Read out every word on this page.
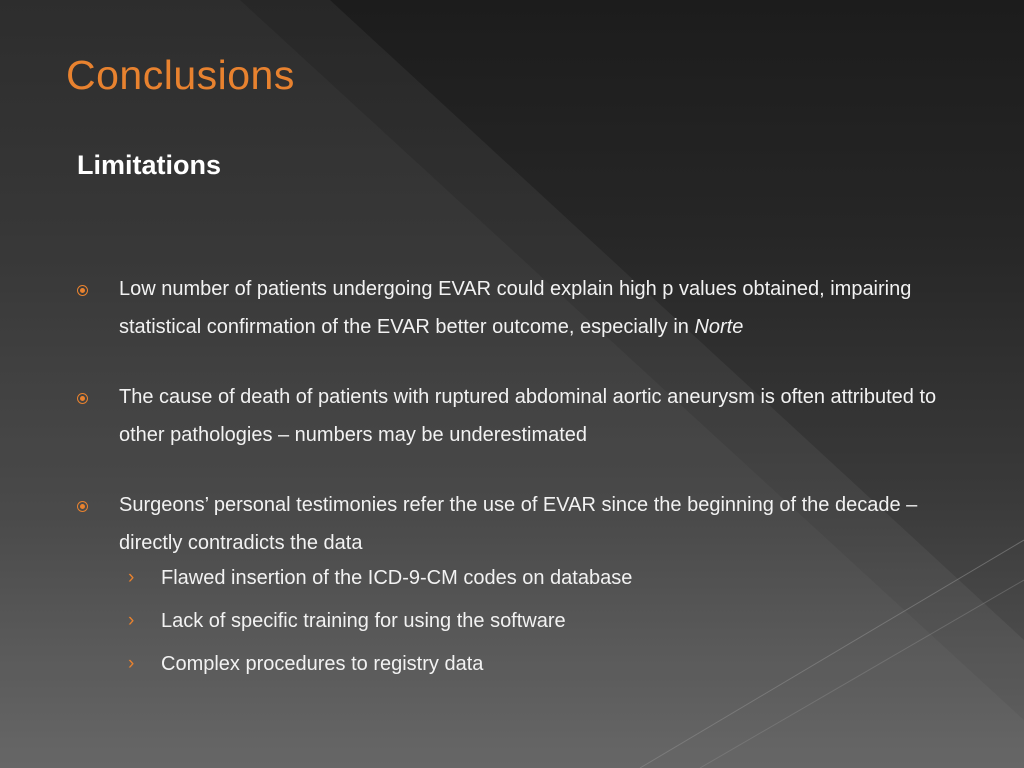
Conclusions
Limitations
Low number of patients undergoing EVAR could explain high p values obtained, impairing statistical confirmation of the EVAR better outcome, especially in Norte
The cause of death of patients with ruptured abdominal aortic aneurysm is often attributed to other pathologies – numbers may be underestimated
Surgeons’ personal testimonies refer the use of EVAR since the beginning of the decade – directly contradicts the data
› Flawed insertion of the ICD-9-CM codes on database
› Lack of specific training for using the software
› Complex procedures to registry data
